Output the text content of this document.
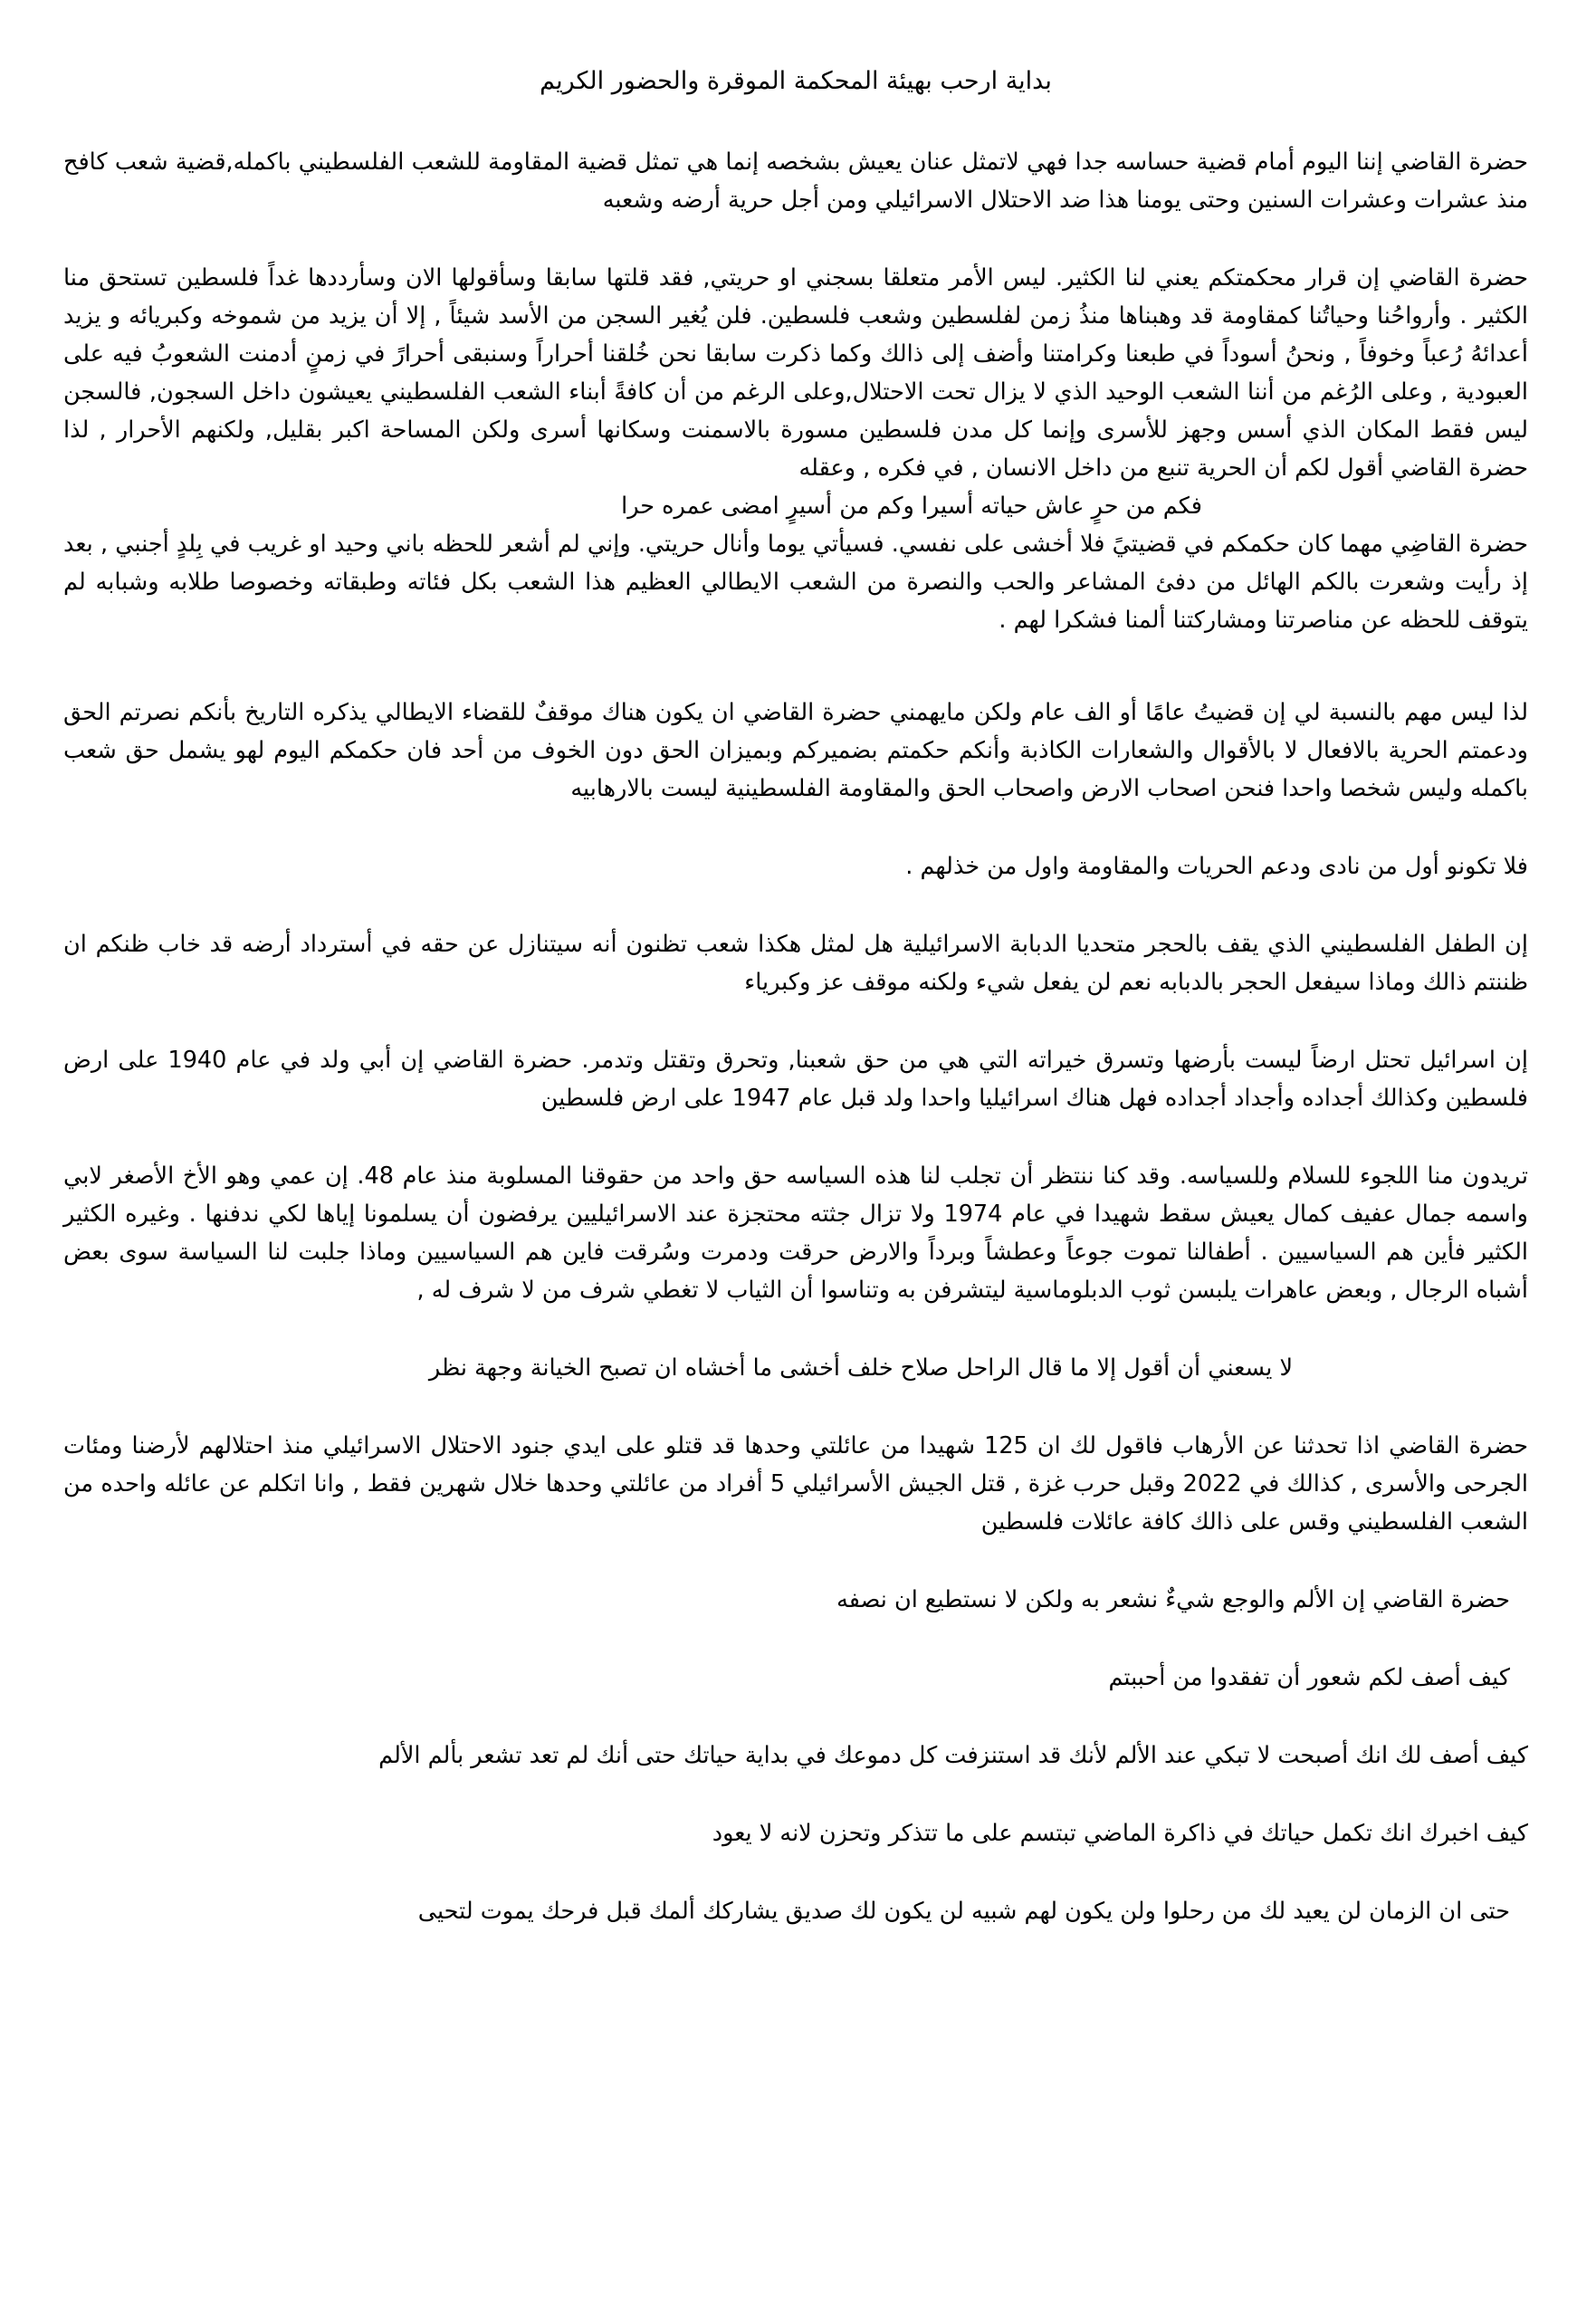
بداية ارحب بهيئة المحكمة الموقرة والحضور الكريم

حضرة القاضي إننا اليوم أمام قضية حساسه جدا فهي لاتمثل عنان يعيش بشخصه إنما هي تمثل قضية المقاومة للشعب الفلسطيني باكمله,قضية شعب كافح منذ عشرات وعشرات السنين وحتى يومنا هذا ضد الاحتلال الاسرائيلي ومن أجل حرية أرضه وشعبه

حضرة القاضي إن قرار محكمتكم يعني لنا الكثير. ليس الأمر متعلقا بسجني او حريتي, فقد قلتها سابقا وسأقولها الان وسأرددها غداً فلسطين تستحق منا الكثير . وأرواحُنا وحياتُنا كمقاومة قد وهبناها منذُ زمن لفلسطين وشعب فلسطين. فلن يُغير السجن من الأسد شيئاً , إلا أن يزيد من شموخه وكبريائه و يزيد أعدائهُ رُعباً وخوفاً , ونحنُ أسوداً في طبعنا وكرامتنا وأضف إلى ذالك وكما ذكرت سابقا نحن خُلقنا أحراراً وسنبقى أحرارً في زمنٍ أدمنت الشعوبُ فيه على العبودية , وعلى الرُغم من أننا الشعب الوحيد الذي لا يزال تحت الاحتلال,وعلى الرغم من أن كافةً أبناء الشعب الفلسطيني يعيشون داخل السجون, فالسجن ليس فقط المكان الذي أسس وجهز للأسرى وإنما كل مدن فلسطين مسورة بالاسمنت وسكانها أسرى ولكن المساحة اكبر بقليل, ولكنهم الأحرار , لذا حضرة القاضي أقول لكم أن الحرية تنبع من داخل الانسان , في فكره , وعقله

فكم من حرٍ عاش حياته أسيرا وكم من أسيرٍ امضى عمره حرا

حضرة القاضِي مهما كان حكمكم في قضيتيً فلا أخشى على نفسي. فسيأتي يوما وأنال حريتي. وإني لم أشعر للحظه باني وحيد او غريب في بِلدٍ أجنبي , بعد إذ رأيت وشعرت بالكم الهائل من دفئ المشاعر والحب والنصرة من الشعب الايطالي العظيم هذا الشعب بكل فئاته وطبقاته وخصوصا طلابه وشبابه لم يتوقف للحظه عن مناصرتنا ومشاركتنا ألمنا فشكرا لهم .

لذا ليس مهم بالنسبة لي إن قضيتُ عامًا أو الف عام ولكن مايهمني حضرة القاضي ان يكون هناك موقفٌ للقضاء الايطالي يذكره التاريخ بأنكم نصرتم الحق ودعمتم الحرية بالافعال لا بالأقوال والشعارات الكاذبة وأنكم حكمتم بضميركم وبميزان الحق دون الخوف من أحد فان حكمكم اليوم لهو يشمل حق شعب باكمله وليس شخصا واحدا فنحن اصحاب الارض واصحاب الحق والمقاومة الفلسطينية ليست بالارهابيه

فلا تكونو أول من نادى ودعم الحريات والمقاومة واول من خذلهم .

إن الطفل الفلسطيني الذي يقف بالحجر متحديا الدبابة الاسرائيلية هل لمثل هكذا شعب تظنون أنه سيتنازل عن حقه في أسترداد أرضه قد خاب ظنكم ان ظننتم ذالك وماذا سيفعل الحجر بالدبابه نعم لن يفعل شيء ولكنه موقف عز وكبرياء

إن اسرائيل تحتل ارضاً ليست بأرضها وتسرق خيراته التي هي من حق شعبنا, وتحرق وتقتل وتدمر. حضرة القاضي إن أبي ولد في عام 1940 على ارض فلسطين وكذالك أجداده وأجداد أجداده فهل هناك اسرائيليا واحدا ولد قبل عام 1947 على ارض فلسطين

تريدون منا اللجوء للسلام وللسياسه. وقد كنا ننتظر أن تجلب لنا هذه السياسه حق واحد من حقوقنا المسلوبة منذ عام 48. إن عمي وهو الأخ الأصغر لابي واسمه جمال عفيف كمال يعيش سقط شهيدا في عام 1974 ولا تزال جثته محتجزة عند الاسرائيليين يرفضون أن يسلمونا إياها لكي ندفنها . وغيره الكثير الكثير فأين هم السياسيين . أطفالنا تموت جوعاً وعطشاً وبرداً والارض حرقت ودمرت وسُرقت فاين هم السياسيين وماذا جلبت لنا السياسة سوى بعض أشباه الرجال , وبعض عاهرات يلبسن ثوب الدبلوماسية ليتشرفن به وتناسوا أن الثياب لا تغطي شرف من لا شرف له ,

لا يسعني أن أقول إلا ما قال الراحل صلاح خلف أخشى ما أخشاه ان تصبح الخيانة وجهة نظر

حضرة القاضي اذا تحدثنا عن الأرهاب فاقول لك ان 125 شهيدا من عائلتي وحدها قد قتلو على ايدي جنود الاحتلال الاسرائيلي منذ احتلالهم لأرضنا ومئات الجرحى والأسرى , كذالك في 2022 وقبل حرب غزة , قتل الجيش الأسرائيلي 5 أفراد من عائلتي وحدها خلال شهرين فقط , وانا اتكلم عن عائله واحده من الشعب الفلسطيني وقس على ذالك كافة عائلات فلسطين

حضرة القاضي إن الألم والوجع شيءٌ نشعر به ولكن لا نستطيع ان نصفه

كيف أصف لكم شعور أن تفقدوا من أحببتم

كيف أصف لك انك أصبحت لا تبكي عند الألم لأنك قد استنزفت كل دموعك في بداية حياتك حتى أنك لم تعد تشعر بألم الألم

كيف اخبرك انك تكمل حياتك في ذاكرة الماضي تبتسم على ما تتذكر وتحزن لانه لا يعود

حتى ان الزمان لن يعيد لك من رحلوا ولن يكون لهم شبيه لن يكون لك صديق يشاركك ألمك قبل فرحك يموت لتحيى
